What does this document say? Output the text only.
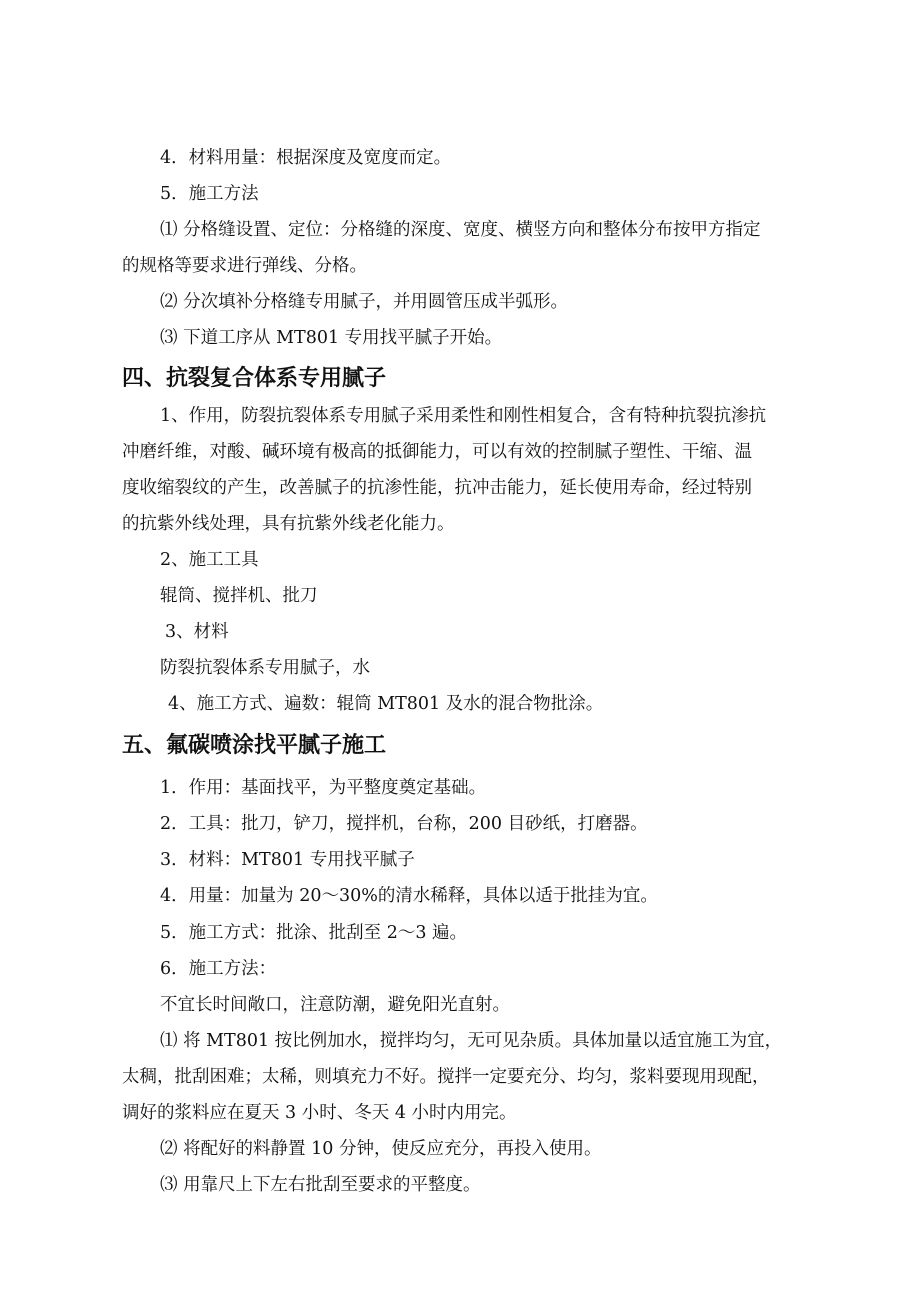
4．材料用量：根据深度及宽度而定。
5．施工方法
⑴ 分格缝设置、定位：分格缝的深度、宽度、横竖方向和整体分布按甲方指定
的规格等要求进行弹线、分格。
⑵ 分次填补分格缝专用腻子，并用圆管压成半弧形。
⑶ 下道工序从 MT801 专用找平腻子开始。
四、抗裂复合体系专用腻子
1、作用，防裂抗裂体系专用腻子采用柔性和刚性相复合，含有特种抗裂抗渗抗
冲磨纤维，对酸、碱环境有极高的抵御能力，可以有效的控制腻子塑性、干缩、温
度收缩裂纹的产生，改善腻子的抗渗性能，抗冲击能力，延长使用寿命，经过特别
的抗紫外线处理，具有抗紫外线老化能力。
2、施工工具
辊筒、搅拌机、批刀
3、材料
防裂抗裂体系专用腻子，水
4、施工方式、遍数：辊筒 MT801 及水的混合物批涂。
五、氟碳喷涂找平腻子施工
1．作用：基面找平，为平整度奠定基础。
2．工具：批刀，铲刀，搅拌机，台称，200 目砂纸，打磨器。
3．材料：MT801 专用找平腻子
4．用量：加量为 20～30%的清水稀释，具体以适于批挂为宜。
5．施工方式：批涂、批刮至 2～3 遍。
6．施工方法：
不宜长时间敞口，注意防潮，避免阳光直射。
⑴ 将 MT801 按比例加水，搅拌均匀，无可见杂质。具体加量以适宜施工为宜，
太稠，批刮困难；太稀，则填充力不好。搅拌一定要充分、均匀，浆料要现用现配，
调好的浆料应在夏天 3 小时、冬天 4 小时内用完。
⑵ 将配好的料静置 10 分钟，使反应充分，再投入使用。
⑶ 用靠尺上下左右批刮至要求的平整度。
